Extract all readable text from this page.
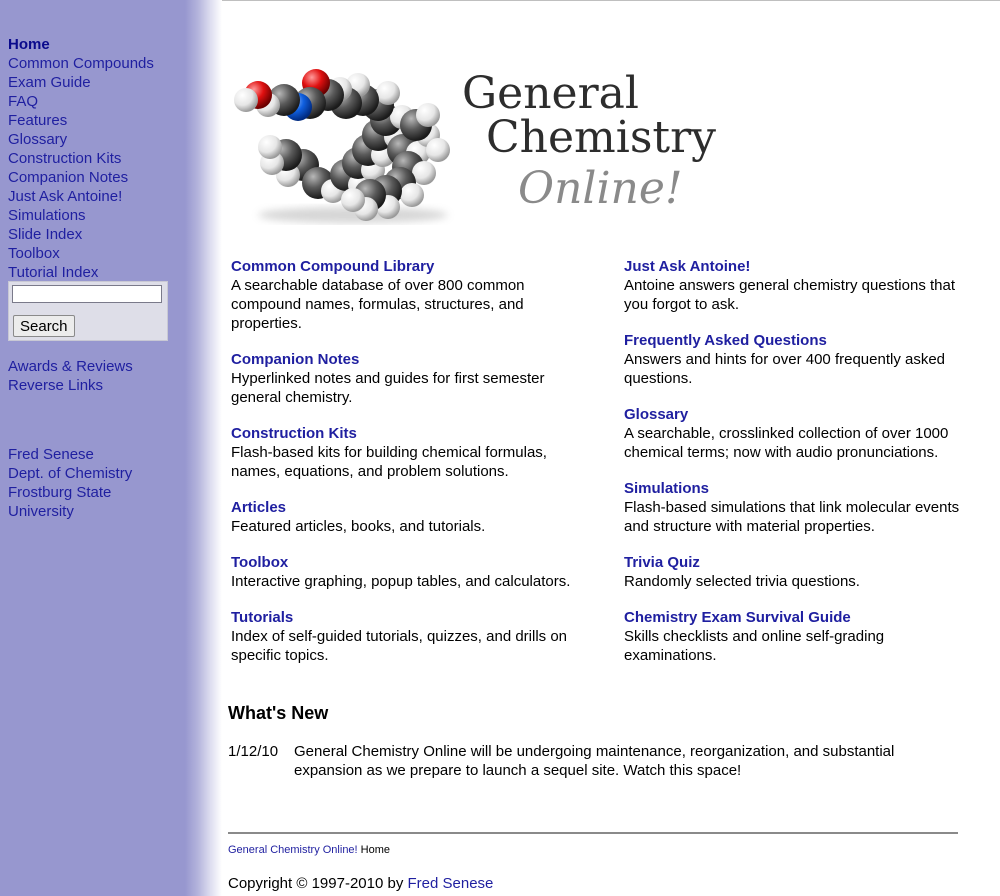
Home
Common Compounds
Exam Guide
FAQ
Features
Glossary
Construction Kits
Companion Notes
Just Ask Antoine!
Simulations
Slide Index
Toolbox
Tutorial Index
Search
Awards & Reviews
Reverse Links
Fred Senese
Dept. of Chemistry
Frostburg State
University
General
Chemistry
Online!
Common Compound Library

A searchable database of over 800 common compound names, formulas, structures, and properties.

Companion Notes

Hyperlinked notes and guides for first semester general chemistry.

Construction Kits

Flash-based kits for building chemical formulas, names, equations, and problem solutions.

Articles

Featured articles, books, and tutorials.

Toolbox

Interactive graphing, popup tables, and calculators.

Tutorials

Index of self-guided tutorials, quizzes, and drills on specific topics.

Just Ask Antoine!

Antoine answers general chemistry questions that you forgot to ask.

Frequently Asked Questions

Answers and hints for over 400 frequently asked questions.

Glossary

A searchable, crosslinked collection of over 1000 chemical terms; now with audio pronunciations.

Simulations

Flash-based simulations that link molecular events and structure with material properties.

Trivia Quiz

Randomly selected trivia questions.

Chemistry Exam Survival Guide

Skills checklists and online self-grading examinations.

What's New
1/12/10 General Chemistry Online will be undergoing maintenance, reorganization, and substantial expansion as we prepare to launch a sequel site. Watch this space!
General Chemistry Online! Home
Copyright © 1997-2010 by Fred Senese
